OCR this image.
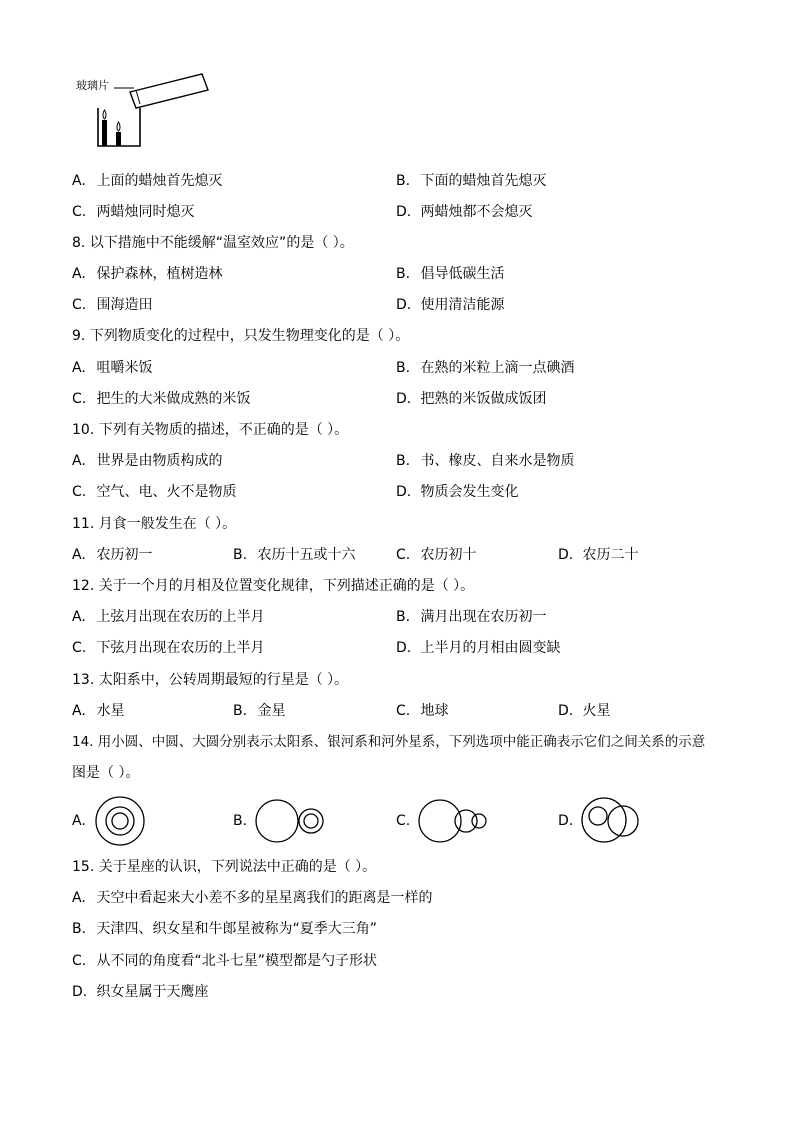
玻璃片
A. 上面的蜡烛首先熄灭	B. 下面的蜡烛首先熄灭
C. 两蜡烛同时熄灭	D. 两蜡烛都不会熄灭
8. 以下措施中不能缓解“温室效应”的是（ ）。
A. 保护森林，植树造林	B. 倡导低碳生活
C. 围海造田	D. 使用清洁能源
9. 下列物质变化的过程中，只发生物理变化的是（ ）。
A. 咀嚼米饭	B. 在熟的米粒上滴一点碘酒
C. 把生的大米做成熟的米饭	D. 把熟的米饭做成饭团
10. 下列有关物质的描述，不正确的是（ ）。
A. 世界是由物质构成的	B. 书、橡皮、自来水是物质
C. 空气、电、火不是物质	D. 物质会发生变化
11. 月食一般发生在（ ）。
A. 农历初一	B. 农历十五或十六	C. 农历初十	D. 农历二十
12. 关于一个月的月相及位置变化规律，下列描述正确的是（ ）。
A. 上弦月出现在农历的上半月	B. 满月出现在农历初一
C. 下弦月出现在农历的上半月	D. 上半月的月相由圆变缺
13. 太阳系中，公转周期最短的行星是（ ）。
A. 水星	B. 金星	C. 地球	D. 火星
14. 用小圆、中圆、大圆分别表示太阳系、银河系和河外星系，下列选项中能正确表示它们之间关系的示意
图是（ ）。
A.	B.	C.	D.
15. 关于星座的认识，下列说法中正确的是（ ）。
A. 天空中看起来大小差不多的星星离我们的距离是一样的
B. 天津四、织女星和牛郎星被称为“夏季大三角”
C. 从不同的角度看“北斗七星”模型都是勺子形状
D. 织女星属于天鹰座
